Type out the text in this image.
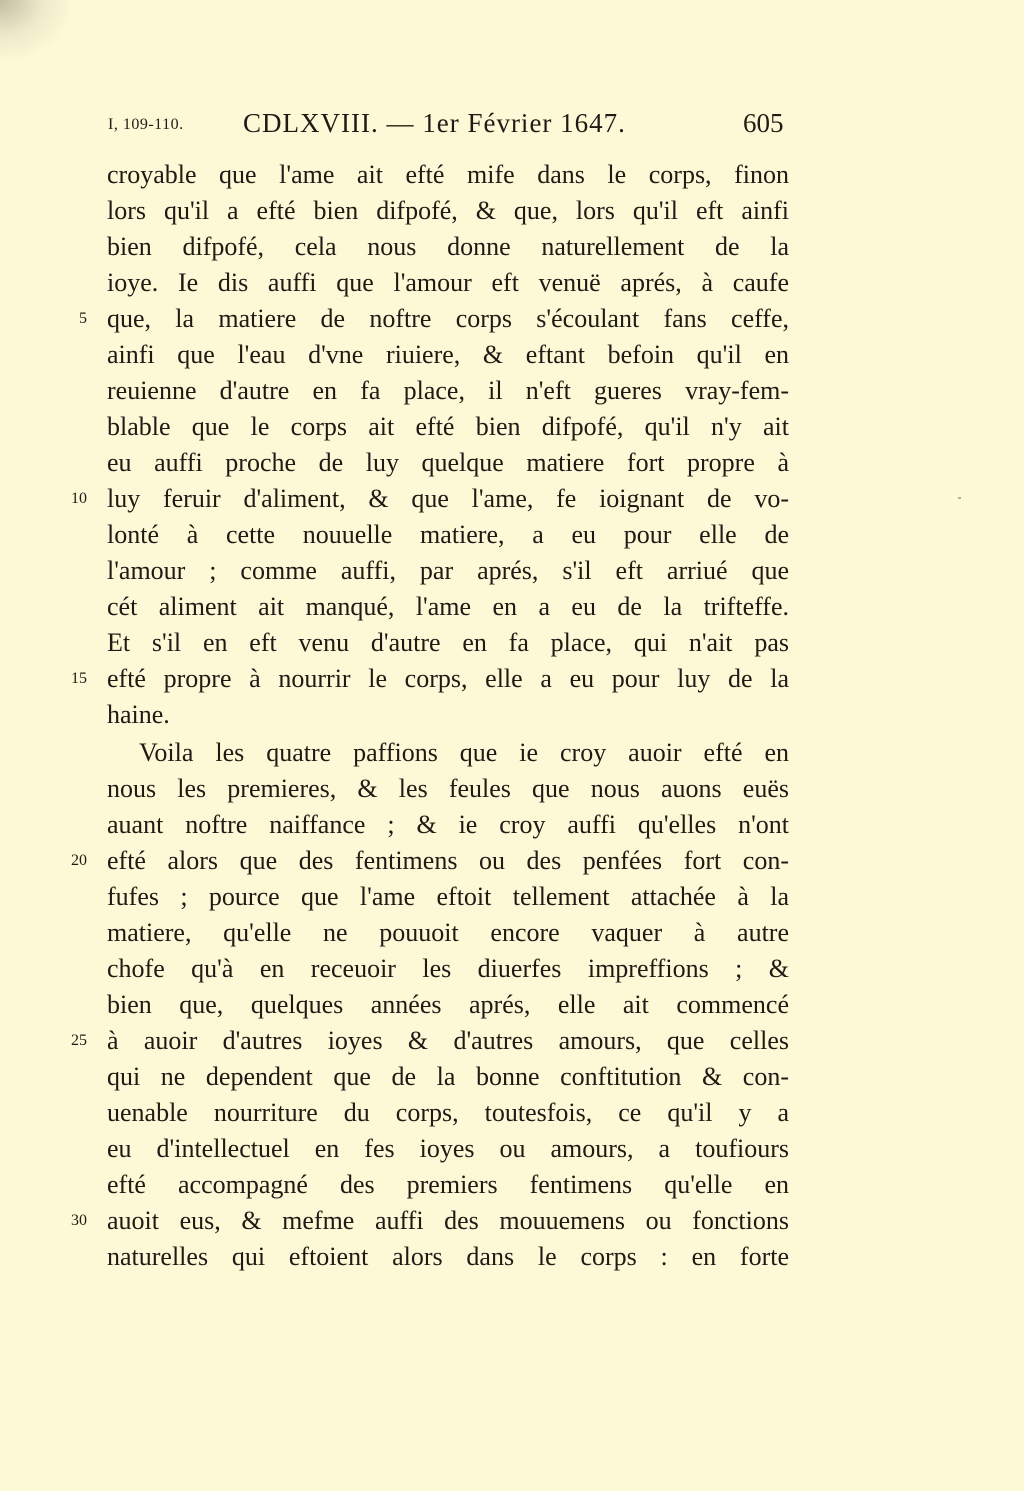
I, 109-110. CDLXVIII. — 1er Février 1647.	605
croyable que l'ame ait efté mife dans le corps, finon
lors qu'il a efté bien difpofé, & que, lors qu'il eft ainfi
bien difpofé, cela nous donne naturellement de la
ioye. Ie dis auffi que l'amour eft venuë aprés, à caufe
5 que, la matiere de noftre corps s'écoulant fans ceffe,
ainfi que l'eau d'vne riuiere, & eftant befoin qu'il en
reuienne d'autre en fa place, il n'eft gueres vray-fem-
blable que le corps ait efté bien difpofé, qu'il n'y ait
eu auffi proche de luy quelque matiere fort propre à
10 luy feruir d'aliment, & que l'ame, fe ioignant de vo-
lonté à cette nouuelle matiere, a eu pour elle de
l'amour ; comme auffi, par aprés, s'il eft arriué que
cét aliment ait manqué, l'ame en a eu de la trifteffe.
Et s'il en eft venu d'autre en fa place, qui n'ait pas
15 efté propre à nourrir le corps, elle a eu pour luy de la
haine.
Voila les quatre paffions que ie croy auoir efté en
nous les premieres, & les feules que nous auons euës
auant noftre naiffance ; & ie croy auffi qu'elles n'ont
20 efté alors que des fentimens ou des penfées fort con-
fufes ; pource que l'ame eftoit tellement attachée à la
matiere, qu'elle ne pouuoit encore vaquer à autre
chofe qu'à en receuoir les diuerfes impreffions ; &
bien que, quelques années aprés, elle ait commencé
25 à auoir d'autres ioyes & d'autres amours, que celles
qui ne dependent que de la bonne conftitution & con-
uenable nourriture du corps, toutesfois, ce qu'il y a
eu d'intellectuel en fes ioyes ou amours, a toufiours
efté accompagné des premiers fentimens qu'elle en
30 auoit eus, & mefme auffi des mouuemens ou fonctions
naturelles qui eftoient alors dans le corps : en forte
